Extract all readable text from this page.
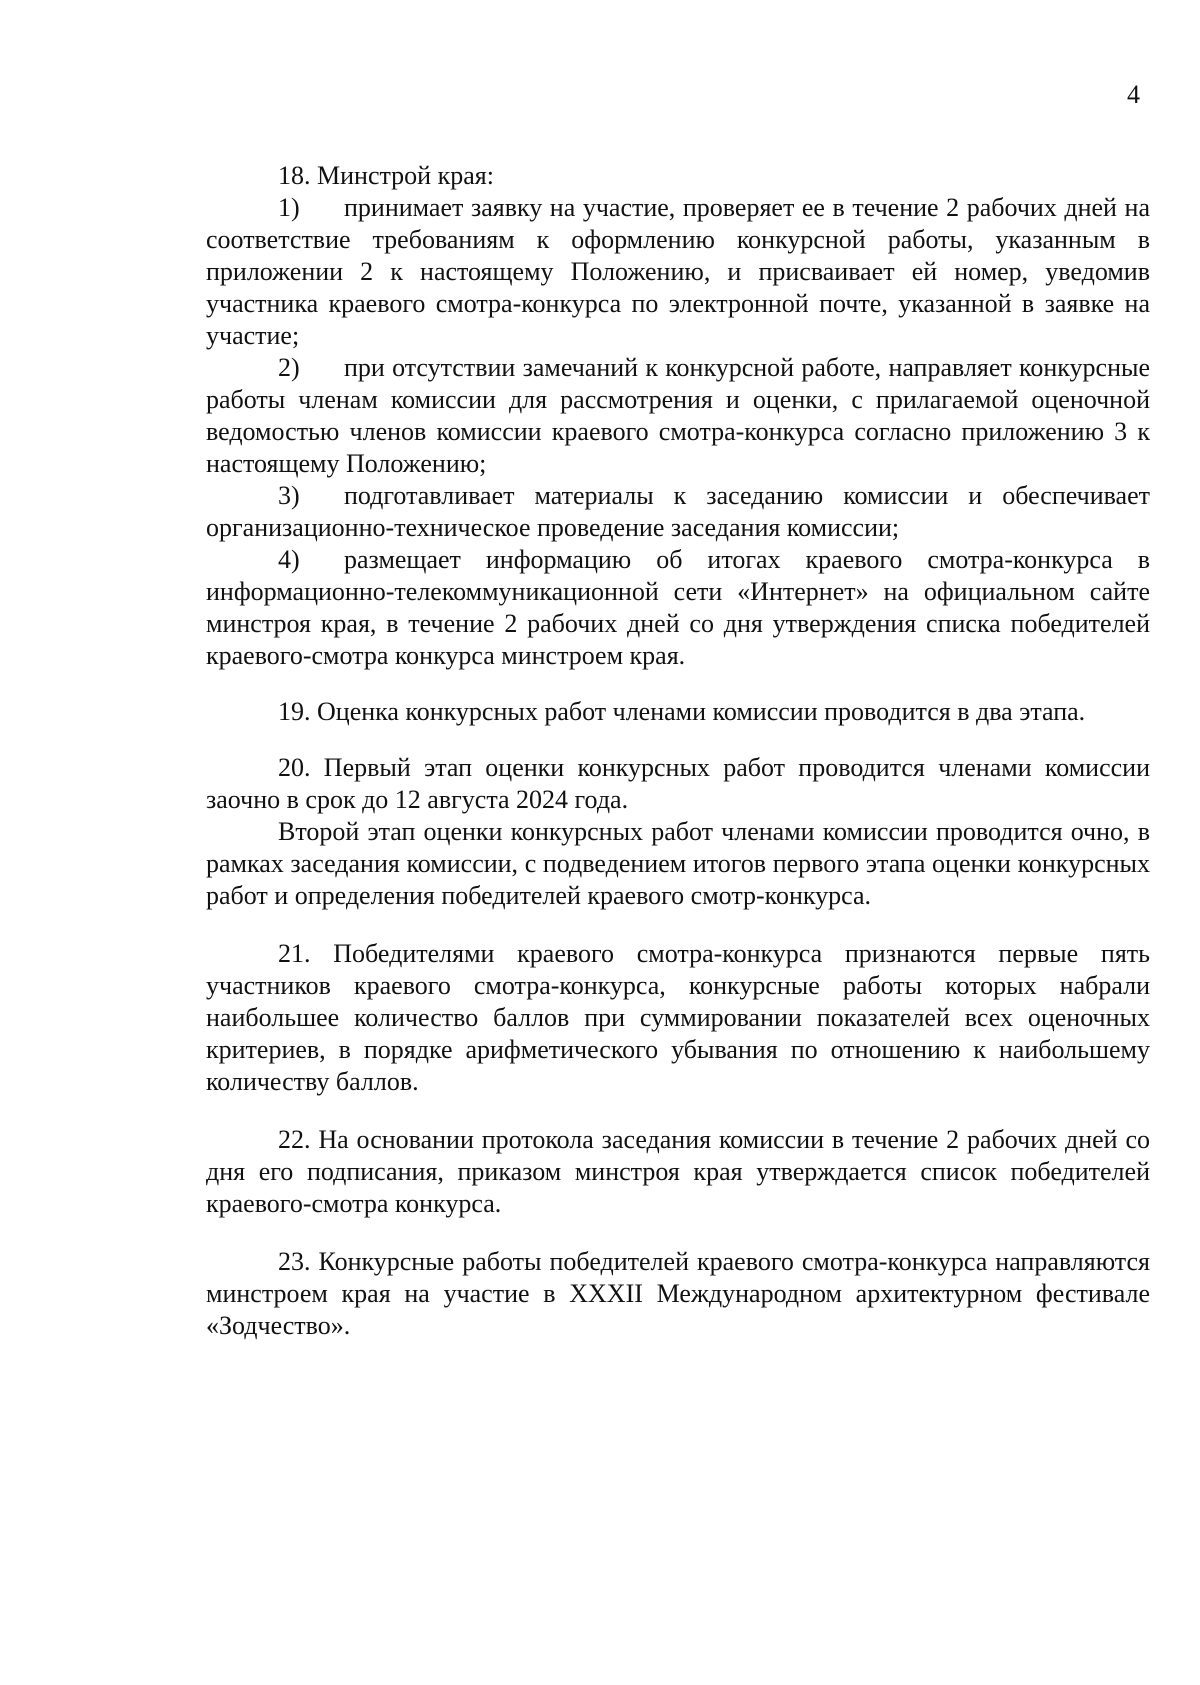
4

18. Минстрой края:

1) принимает заявку на участие, проверяет ее в течение 2 рабочих дней на соответствие требованиям к оформлению конкурсной работы, указанным в приложении 2 к настоящему Положению, и присваивает ей номер, уведомив участника краевого смотра-конкурса по электронной почте, указанной в заявке на участие;

2) при отсутствии замечаний к конкурсной работе, направляет конкурсные работы членам комиссии для рассмотрения и оценки, с прилагаемой оценочной ведомостью членов комиссии краевого смотра-конкурса согласно приложению 3 к настоящему Положению;

3) подготавливает материалы к заседанию комиссии и обеспечивает организационно-техническое проведение заседания комиссии;

4) размещает информацию об итогах краевого смотра-конкурса в информационно-телекоммуникационной сети «Интернет» на официальном сайте минстроя края, в течение 2 рабочих дней со дня утверждения списка победителей краевого-смотра конкурса минстроем края.

19. Оценка конкурсных работ членами комиссии проводится в два этапа.

20. Первый этап оценки конкурсных работ проводится членами комиссии заочно в срок до 12 августа 2024 года.

Второй этап оценки конкурсных работ членами комиссии проводится очно, в рамках заседания комиссии, с подведением итогов первого этапа оценки конкурсных работ и определения победителей краевого смотр-конкурса.

21. Победителями краевого смотра-конкурса признаются первые пять участников краевого смотра-конкурса, конкурсные работы которых набрали наибольшее количество баллов при суммировании показателей всех оценочных критериев, в порядке арифметического убывания по отношению к наибольшему количеству баллов.

22. На основании протокола заседания комиссии в течение 2 рабочих дней со дня его подписания, приказом минстроя края утверждается список победителей краевого-смотра конкурса.

23. Конкурсные работы победителей краевого смотра-конкурса направляются минстроем края на участие в XXXII Международном архитектурном фестивале «Зодчество».
